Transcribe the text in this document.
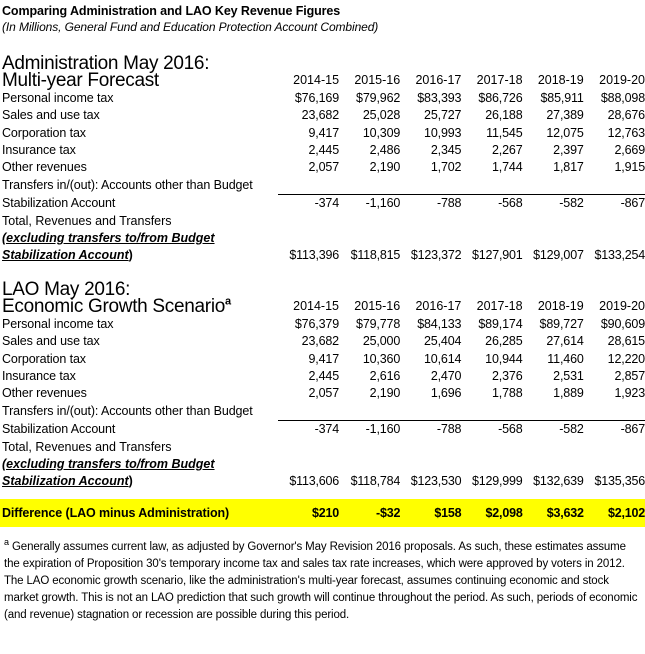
Comparing Administration and LAO Key Revenue Figures
(In Millions, General Fund and Education Protection Account Combined)
Administration May 2016:						
Multi-year Forecast	2014-15	2015-16	2016-17	2017-18	2018-19	2019-20
Personal income tax	$76,169	$79,962	$83,393	$86,726	$85,911	$88,098
Sales and use tax	23,682	25,028	25,727	26,188	27,389	28,676
Corporation tax	9,417	10,309	10,993	11,545	12,075	12,763
Insurance tax	2,445	2,486	2,345	2,267	2,397	2,669
Other revenues	2,057	2,190	1,702	1,744	1,817	1,915
Transfers in/(out): Accounts other than Budget						
Stabilization Account	-374	-1,160	-788	-568	-582	-867
Total, Revenues and Transfers						
(excluding transfers to/from Budget						
Stabilization Account)	$113,396	$118,815	$123,372	$127,901	$129,007	$133,254
LAO May 2016:						
Economic Growth Scenario$^a$	2014-15	2015-16	2016-17	2017-18	2018-19	2019-20
Personal income tax	$76,379	$79,778	$84,133	$89,174	$89,727	$90,609
Sales and use tax	23,682	25,000	25,404	26,285	27,614	28,615
Corporation tax	9,417	10,360	10,614	10,944	11,460	12,220
Insurance tax	2,445	2,616	2,470	2,376	2,531	2,857
Other revenues	2,057	2,190	1,696	1,788	1,889	1,923
Transfers in/(out): Accounts other than Budget						
Stabilization Account	-374	-1,160	-788	-568	-582	-867
Total, Revenues and Transfers						
(excluding transfers to/from Budget						
Stabilization Account)	$113,606	$118,784	$123,530	$129,999	$132,639	$135,356
Difference (LAO minus Administration)	$210	-$32	$158	$2,098	$3,632	$2,102
$^a$ Generally assumes current law, as adjusted by Governor's May Revision 2016 proposals. As such, these estimates assume the expiration of Proposition 30's temporary income tax and sales tax rate increases, which were approved by voters in 2012. The LAO economic growth scenario, like the administration's multi-year forecast, assumes continuing economic and stock market growth. This is not an LAO prediction that such growth will continue throughout the period. As such, periods of economic (and revenue) stagnation or recession are possible during this period.
